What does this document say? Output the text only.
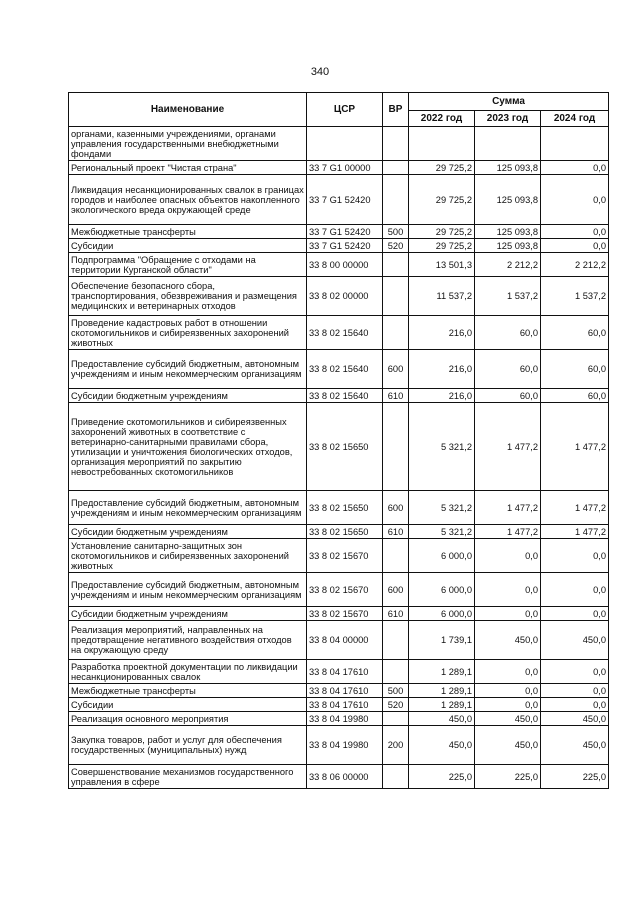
340
Наименование	ЦСР	ВР	Сумма		
			2022 год	2023 год	2024 год
органами, казенными учреждениями, органами управления государственными внебюджетными фондами					
Региональный проект "Чистая страна"	33 7 G1 00000		29 725,2	125 093,8	0,0
Ликвидация несанкционированных свалок в границах городов и наиболее опасных объектов накопленного экологического вреда окружающей среде	33 7 G1 52420		29 725,2	125 093,8	0,0
Межбюджетные трансферты	33 7 G1 52420	500	29 725,2	125 093,8	0,0
Субсидии	33 7 G1 52420	520	29 725,2	125 093,8	0,0
Подпрограмма "Обращение с отходами на территории Курганской области"	33 8 00 00000		13 501,3	2 212,2	2 212,2
Обеспечение безопасного сбора, транспортирования, обезвреживания и размещения медицинских и ветеринарных отходов	33 8 02 00000		11 537,2	1 537,2	1 537,2
Проведение кадастровых работ в отношении скотомогильников и сибиреязвенных захоронений животных	33 8 02 15640		216,0	60,0	60,0
Предоставление субсидий бюджетным, автономным учреждениям и иным некоммерческим организациям	33 8 02 15640	600	216,0	60,0	60,0
Субсидии бюджетным учреждениям	33 8 02 15640	610	216,0	60,0	60,0
Приведение скотомогильников и сибиреязвенных захоронений животных в соответствие с ветеринарно-санитарными правилами сбора, утилизации и уничтожения биологических отходов, организация мероприятий по закрытию невостребованных скотомогильников	33 8 02 15650		5 321,2	1 477,2	1 477,2
Предоставление субсидий бюджетным, автономным учреждениям и иным некоммерческим организациям	33 8 02 15650	600	5 321,2	1 477,2	1 477,2
Субсидии бюджетным учреждениям	33 8 02 15650	610	5 321,2	1 477,2	1 477,2
Установление санитарно-защитных зон скотомогильников и сибиреязвенных захоронений животных	33 8 02 15670		6 000,0	0,0	0,0
Предоставление субсидий бюджетным, автономным учреждениям и иным некоммерческим организациям	33 8 02 15670	600	6 000,0	0,0	0,0
Субсидии бюджетным учреждениям	33 8 02 15670	610	6 000,0	0,0	0,0
Реализация мероприятий, направленных на предотвращение негативного воздействия отходов на окружающую среду	33 8 04 00000		1 739,1	450,0	450,0
Разработка проектной документации по ликвидации несанкционированных свалок	33 8 04 17610		1 289,1	0,0	0,0
Межбюджетные трансферты	33 8 04 17610	500	1 289,1	0,0	0,0
Субсидии	33 8 04 17610	520	1 289,1	0,0	0,0
Реализация основного мероприятия	33 8 04 19980		450,0	450,0	450,0
Закупка товаров, работ и услуг для обеспечения государственных (муниципальных) нужд	33 8 04 19980	200	450,0	450,0	450,0
Совершенствование механизмов государственного управления в сфере	33 8 06 00000		225,0	225,0	225,0
